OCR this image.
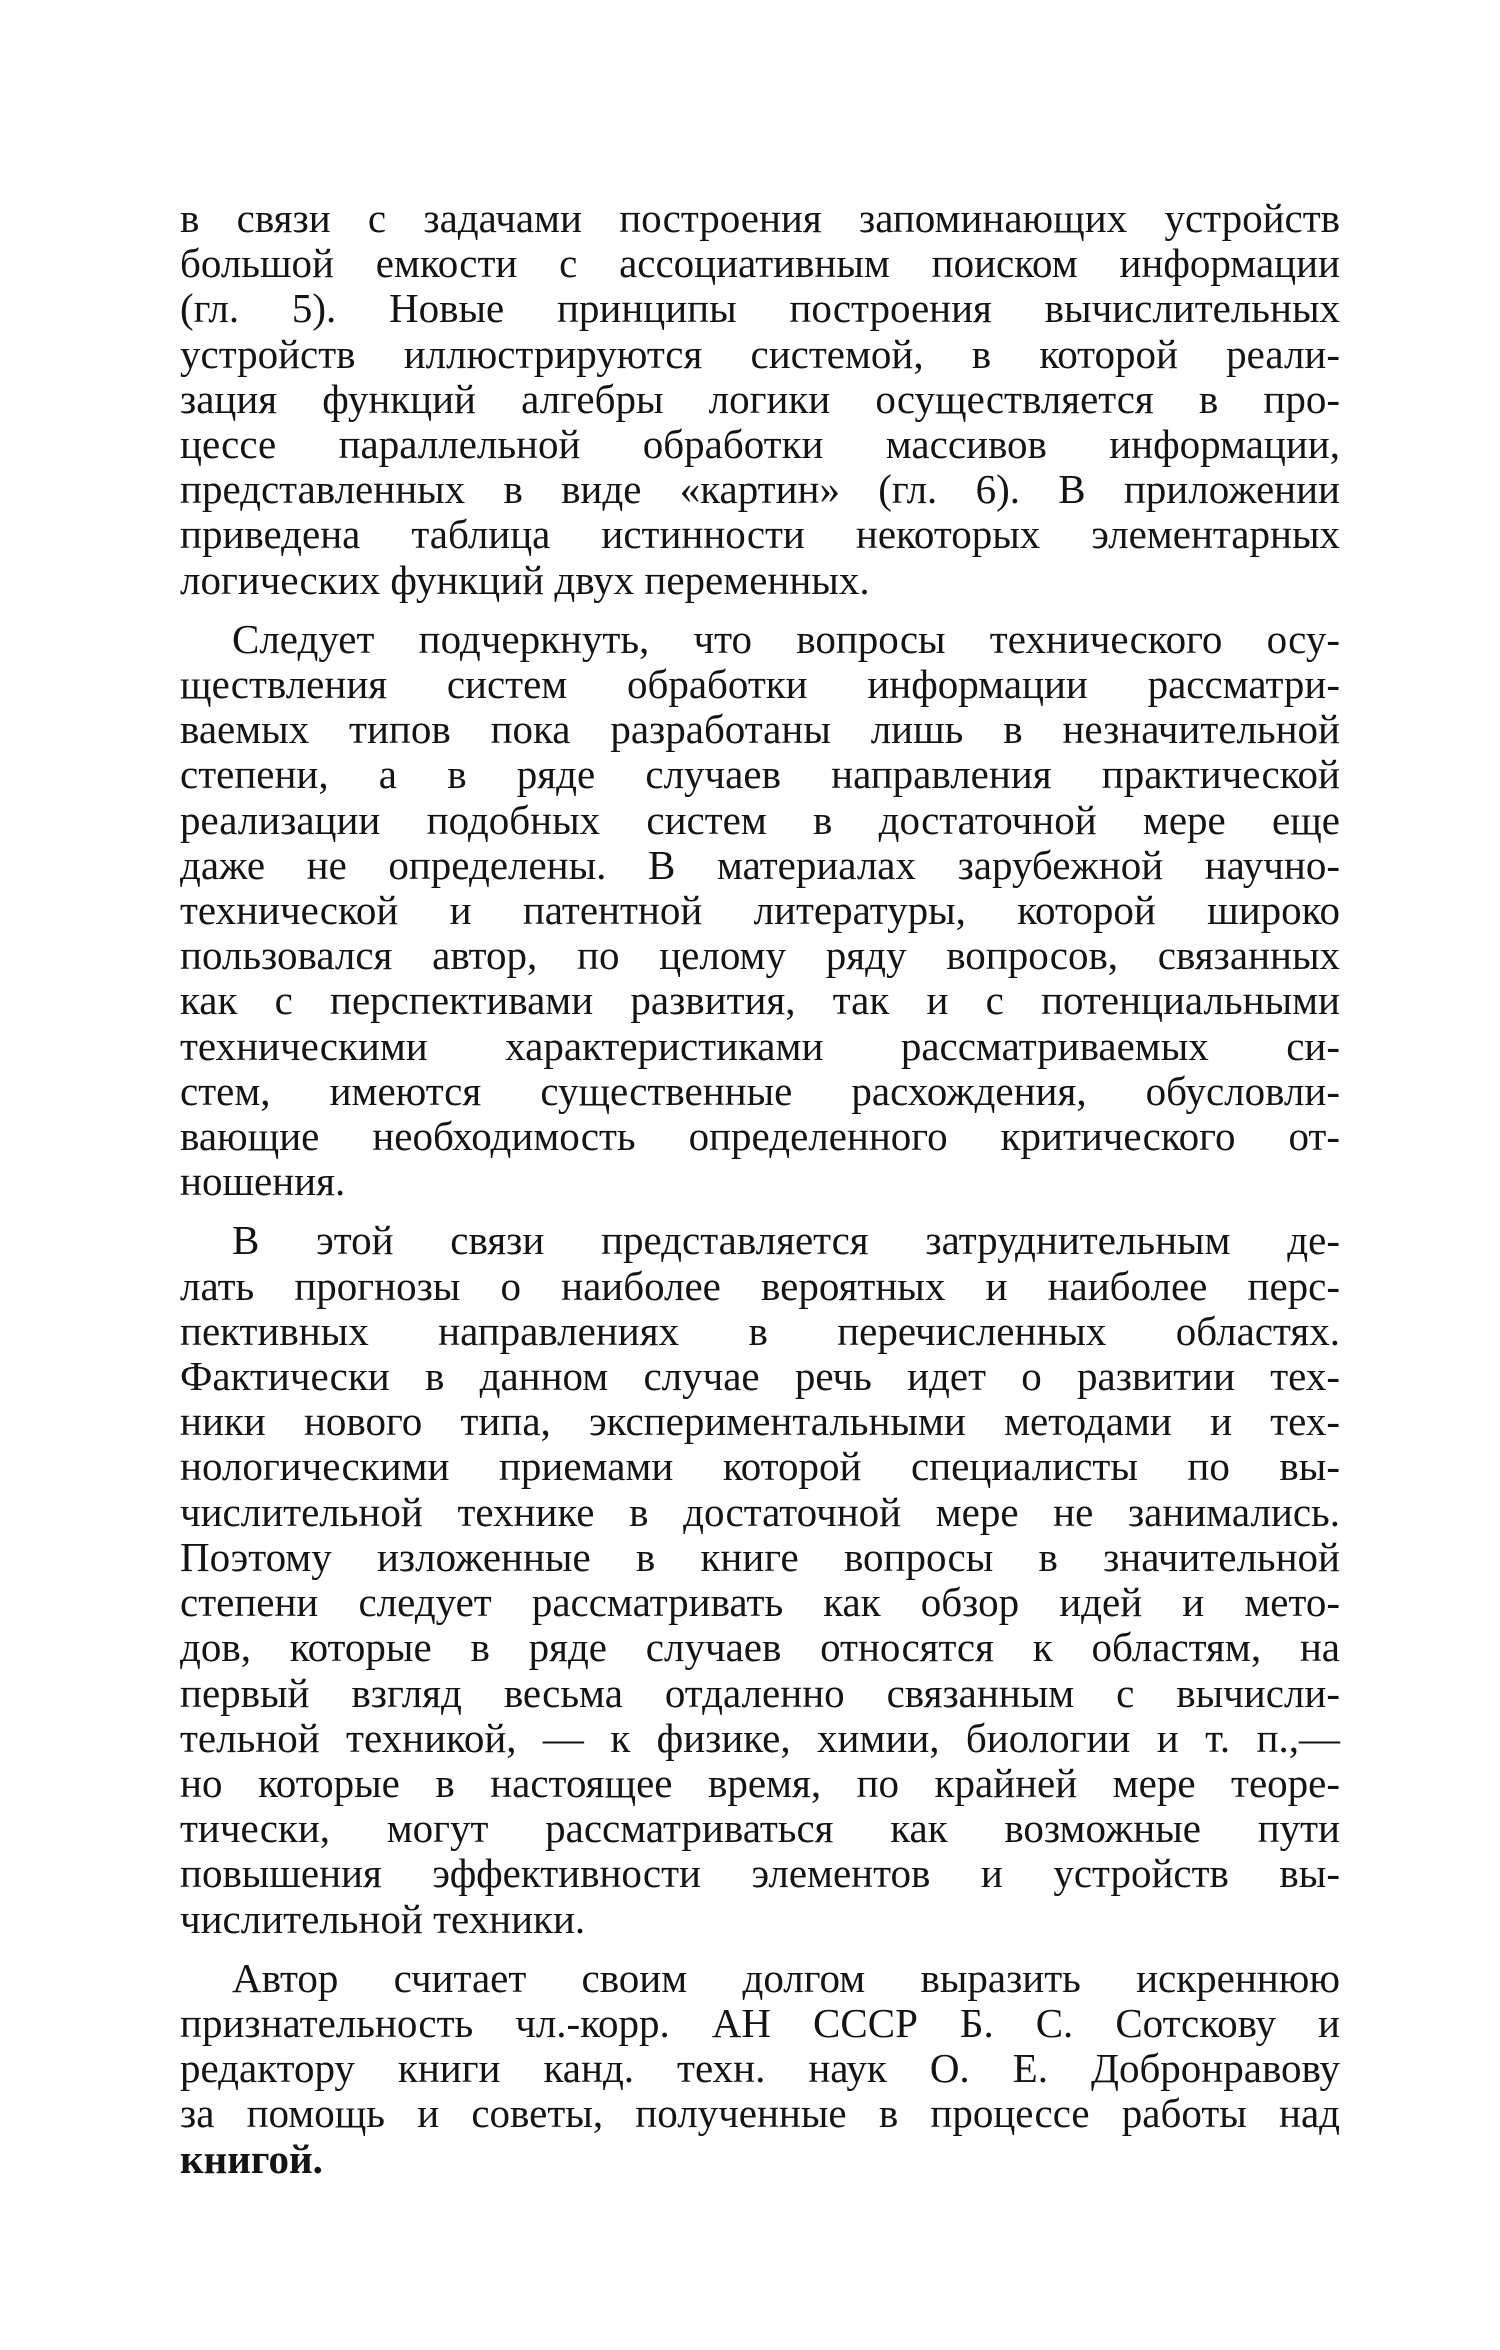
в связи с задачами построения запоминающих устройств
большой емкости с ассоциативным поиском информации
(гл. 5). Новые принципы построения вычислительных
устройств иллюстрируются системой, в которой реали-
зация функций алгебры логики осуществляется в про-
цессе параллельной обработки массивов информации,
представленных в виде «картин» (гл. 6). В приложении
приведена таблица истинности некоторых элементарных
логических функций двух переменных.
Следует подчеркнуть, что вопросы технического осу-
ществления систем обработки информации рассматри-
ваемых типов пока разработаны лишь в незначительной
степени, а в ряде случаев направления практической
реализации подобных систем в достаточной мере еще
даже не определены. В материалах зарубежной научно-
технической и патентной литературы, которой широко
пользовался автор, по целому ряду вопросов, связанных
как с перспективами развития, так и с потенциальными
техническими характеристиками рассматриваемых си-
стем, имеются существенные расхождения, обусловли-
вающие необходимость определенного критического от-
ношения.
В этой связи представляется затруднительным де-
лать прогнозы о наиболее вероятных и наиболее перс-
пективных направлениях в перечисленных областях.
Фактически в данном случае речь идет о развитии тех-
ники нового типа, экспериментальными методами и тех-
нологическими приемами которой специалисты по вы-
числительной технике в достаточной мере не занимались.
Поэтому изложенные в книге вопросы в значительной
степени следует рассматривать как обзор идей и мето-
дов, которые в ряде случаев относятся к областям, на
первый взгляд весьма отдаленно связанным с вычисли-
тельной техникой, — к физике, химии, биологии и т. п.,—
но которые в настоящее время, по крайней мере теоре-
тически, могут рассматриваться как возможные пути
повышения эффективности элементов и устройств вы-
числительной техники.
Автор считает своим долгом выразить искреннюю
признательность чл.-корр. АН СССР Б. С. Сотскову и
редактору книги канд. техн. наук О. Е. Добронравову
за помощь и советы, полученные в процессе работы над
книгой.
